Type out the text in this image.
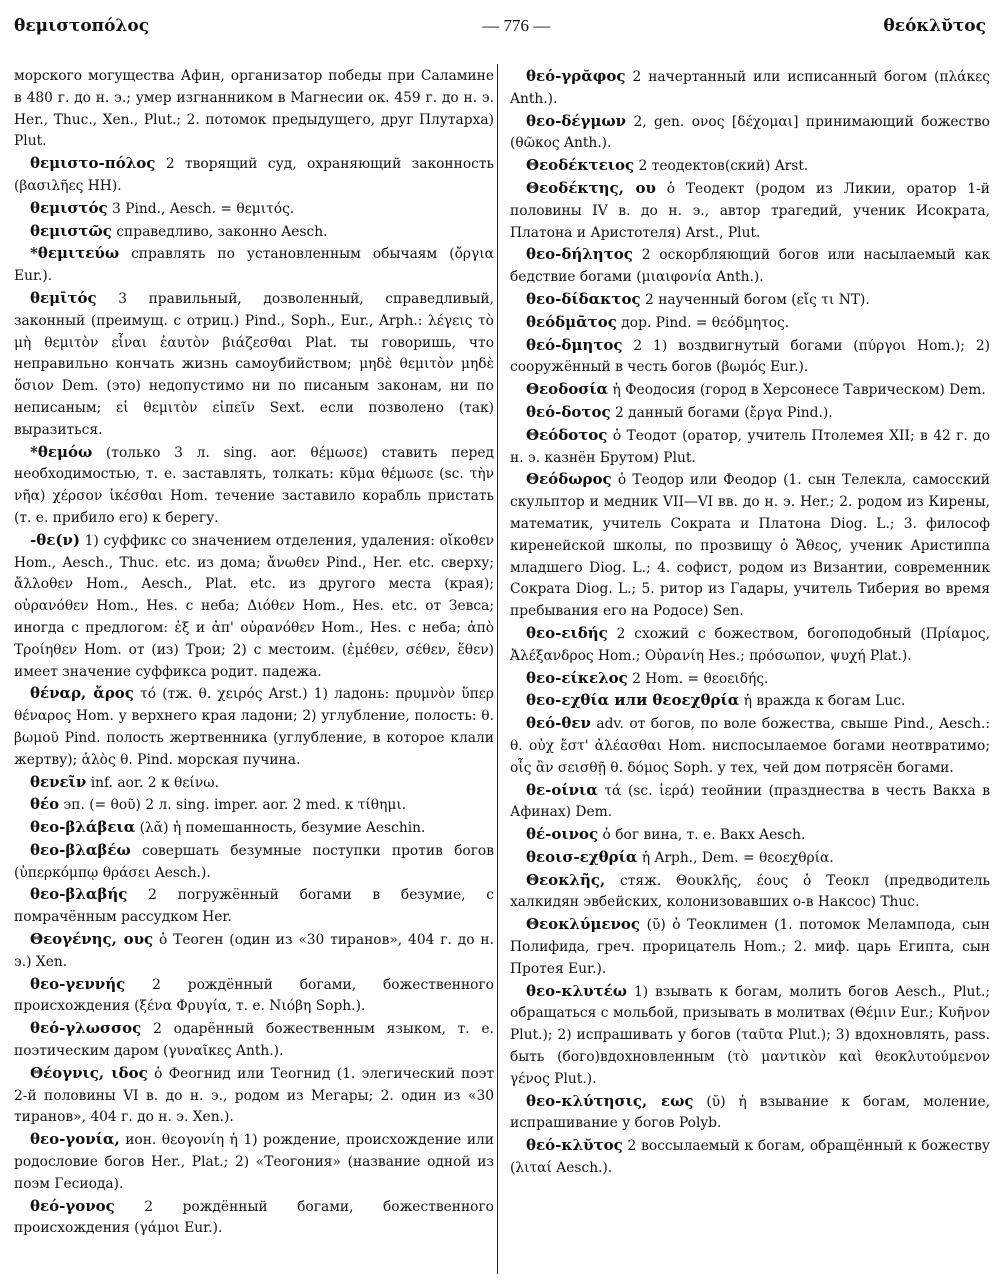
θεμιστοπόλος	— 776 —	θεόκλῠτος

морского могущества Афин, организатор победы при Саламине в 480 г. до н. э.; умер изгнанником в Магнесии ок. 459 г. до н. э. Her., Thuc., Xen., Plut.; 2. потомок предыдущего, друг Плутарха) Plut.

θεμιστο-πόλος 2 творящий суд, охраняющий законность (βασιλῆες HH).

θεμιστός 3 Pind., Aesch. = θεμιτός.

θεμιστῶς справедливо, законно Aesch.

*θεμιτεύω справлять по установленным обычаям (ὄργια Eur.).

θεμῑτός 3 правильный, дозволенный, справедливый, законный (преимущ. с отриц.) Pind., Soph., Eur., Arph.: λέγεις τὸ μὴ θεμιτὸν εἶναι ἑαυτὸν βιάζεσθαι Plat. ты говоришь, что неправильно кончать жизнь самоубийством; μηδὲ θεμιτὸν μηδὲ ὅσιον Dem. (это) недопустимо ни по писаным законам, ни по неписаным; εἰ θεμιτὸν εἰπεῖν Sext. если позволено (так) выразиться.

*θεμόω (только 3 л. sing. aor. θέμωσε) ставить перед необходимостью, т. е. заставлять, толкать: κῦμα θέμωσε (sc. τὴν νῆα) χέρσον ἱκέσθαι Hom. течение заставило корабль пристать (т. е. прибило его) к берегу.

-θε(ν) 1) суффикс со значением отделения, удаления: οἴκοθεν Hom., Aesch., Thuc. etc. из дома; ἄνωθεν Pind., Her. etc. сверху; ἄλλοθεν Hom., Aesch., Plat. etc. из другого места (края); οὐρανόθεν Hom., Hes. с неба; Διόθεν Hom., Hes. etc. от Зевса; иногда с предлогом: ἐξ и ἀπ' οὐρανόθεν Hom., Hes. с неба; ἀπὸ Τροίηθεν Hom. от (из) Трои; 2) с местоим. (ἐμέθεν, σέθεν, ἕθεν) имеет значение суффикса родит. падежа.

θέναρ, ἄρος τό (тж. θ. χειρός Arst.) 1) ладонь: πρυμνὸν ὕπερ θέναρος Hom. у верхнего края ладони; 2) углубление, полость: θ. βωμοῦ Pind. полость жертвенника (углубление, в которое клали жертву); ἁλὸς θ. Pind. морская пучина.

θενεῖν inf. aor. 2 к θείνω.

θέο эп. (= θοῦ) 2 л. sing. imper. aor. 2 med. к τίθημι.

θεο-βλάβεια (λᾰ) ἡ помешанность, безумие Aeschin.

θεο-βλαβέω совершать безумные поступки против богов (ὑπερκόμπῳ θράσει Aesch.).

θεο-βλαβής 2 погружённый богами в безумие, с помрачённым рассудком Her.

Θεογένης, ους ὁ Теоген (один из «30 тиранов», 404 г. до н. э.) Xen.

θεο-γεννής 2 рождённый богами, божественного происхождения (ξένα Φρυγία, т. е. Νιόβη Soph.).

θεό-γλωσσος 2 одарённый божественным языком, т. е. поэтическим даром (γυναῖκες Anth.).

Θέογνις, ιδος ὁ Феогнид или Теогнид (1. элегический поэт 2-й половины VI в. до н. э., родом из Мегары; 2. один из «30 тиранов», 404 г. до н. э. Xen.).

θεο-γονία, ион. θεογονίη ἡ 1) рождение, происхождение или родословие богов Her., Plat.; 2) «Теогония» (название одной из поэм Гесиода).

θεό-γονος 2 рождённый богами, божественного происхождения (γάμοι Eur.).

θεό-γρᾰφος 2 начертанный или исписанный богом (πλάκες Anth.).

θεο-δέγμων 2, gen. ονος [δέχομαι] принимающий божество (θῶκος Anth.).

Θεοδέκτειος 2 теодектов(ский) Arst.

Θεοδέκτης, ου ὁ Теодект (родом из Ликии, оратор 1-й половины IV в. до н. э., автор трагедий, ученик Исократа, Платона и Аристотеля) Arst., Plut.

θεο-δήλητος 2 оскорбляющий богов или насылаемый как бедствие богами (μιαιφονία Anth.).

θεο-δίδακτος 2 наученный богом (εἴς τι NT).

θεόδμᾱτος дор. Pind. = θεόδμητος.

θεό-δμητος 2 1) воздвигнутый богами (πύργοι Hom.); 2) сооружённый в честь богов (βωμός Eur.).

Θεοδοσία ἡ Феодосия (город в Херсонесе Таврическом) Dem.

θεό-δοτος 2 данный богами (ἔργα Pind.).

Θεόδοτος ὁ Теодот (оратор, учитель Птолемея XII; в 42 г. до н. э. казнён Брутом) Plut.

Θεόδωρος ὁ Теодор или Феодор (1. сын Телекла, самосский скульптор и медник VII—VI вв. до н. э. Her.; 2. родом из Кирены, математик, учитель Сократа и Платона Diog. L.; 3. философ киренейской школы, по прозвищу ὁ Ἄθεος, ученик Аристиппа младшего Diog. L.; 4. софист, родом из Византии, современник Сократа Diog. L.; 5. ритор из Гадары, учитель Тиберия во время пребывания его на Родосе) Sen.

θεο-ειδής 2 схожий с божеством, богоподобный (Πρίαμος, Ἀλέξανδρος Hom.; Οὐρανίη Hes.; πρόσωπον, ψυχή Plat.).

θεο-είκελος 2 Hom. = θεοειδής.

θεο-εχθία или θεοεχθρία ἡ вражда к богам Luc.

θεό-θεν adv. от богов, по воле божества, свыше Pind., Aesch.: θ. οὐχ ἔστ' ἀλέασθαι Hom. ниспосылаемое богами неотвратимо; οἷς ἂν σεισθῇ θ. δόμος Soph. у тех, чей дом потрясён богами.

θε-οίνια τά (sc. ἱερά) теойнии (празднества в честь Вакха в Афинах) Dem.

θέ-οινος ὁ бог вина, т. е. Вакх Aesch.

θεοισ-εχθρία ἡ Arph., Dem. = θεοεχθρία.

Θεοκλῆς, стяж. Θουκλῆς, έους ὁ Теокл (предводитель халкидян эвбейских, колонизовавших о-в Наксос) Thuc.

Θεοκλύμενος (ῠ) ὁ Теоклимен (1. потомок Мелампода, сын Полифида, греч. прорицатель Hom.; 2. миф. царь Египта, сын Протея Eur.).

θεο-κλυτέω 1) взывать к богам, молить богов Aesch., Plut.; обращаться с мольбой, призывать в молитвах (Θέμιν Eur.; Κυῆνον Plut.); 2) испрашивать у богов (ταῦτα Plut.); 3) вдохновлять, pass. быть (бого)вдохновленным (τὸ μαντικὸν καὶ θεοκλυτούμενον γένος Plut.).

θεο-κλύτησις, εως (ῠ) ἡ взывание к богам, моление, испрашивание у богов Polyb.

θεό-κλῠτος 2 воссылаемый к богам, обращённый к божеству (λιταί Aesch.).
